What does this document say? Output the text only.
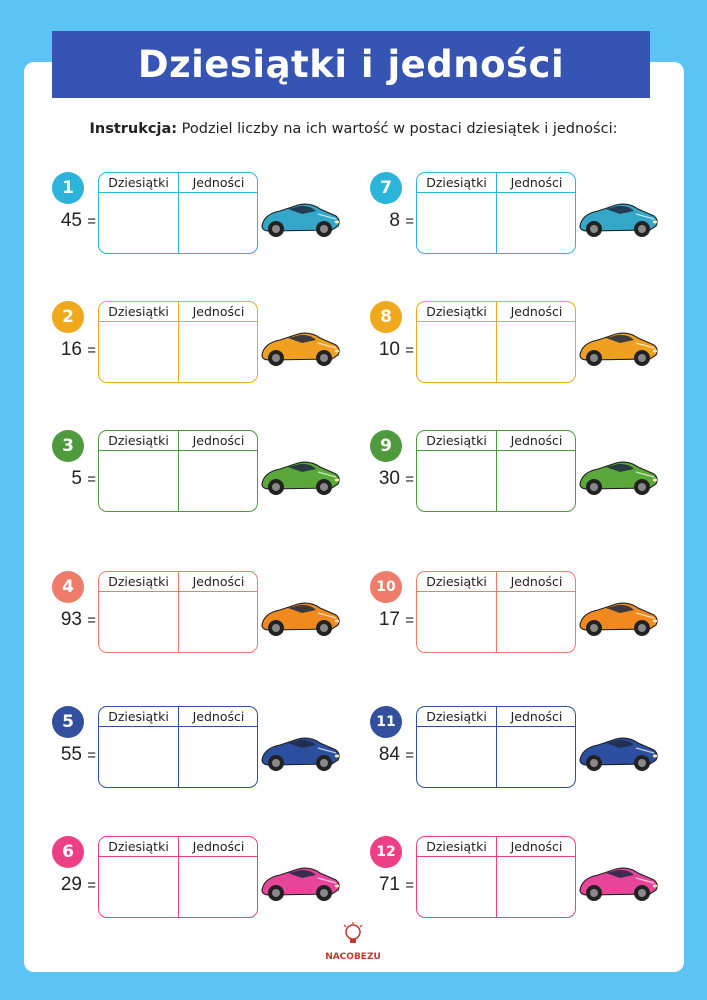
Dziesiątki i jedności
Instrukcja: Podziel liczby na ich wartość w postaci dziesiątek i jedności:
1
45 =
Dziesiątki	Jedności
2
16 =
Dziesiątki	Jedności
3
5 =
Dziesiątki	Jedności
4
93 =
Dziesiątki	Jedności
5
55 =
Dziesiątki	Jedności
6
29 =
Dziesiątki	Jedności
7
8 =
Dziesiątki	Jedności
8
10 =
Dziesiątki	Jedności
9
30 =
Dziesiątki	Jedności
10
17 =
Dziesiątki	Jedności
11
84 =
Dziesiątki	Jedności
12
71 =
Dziesiątki	Jedności
NACOBEZU
